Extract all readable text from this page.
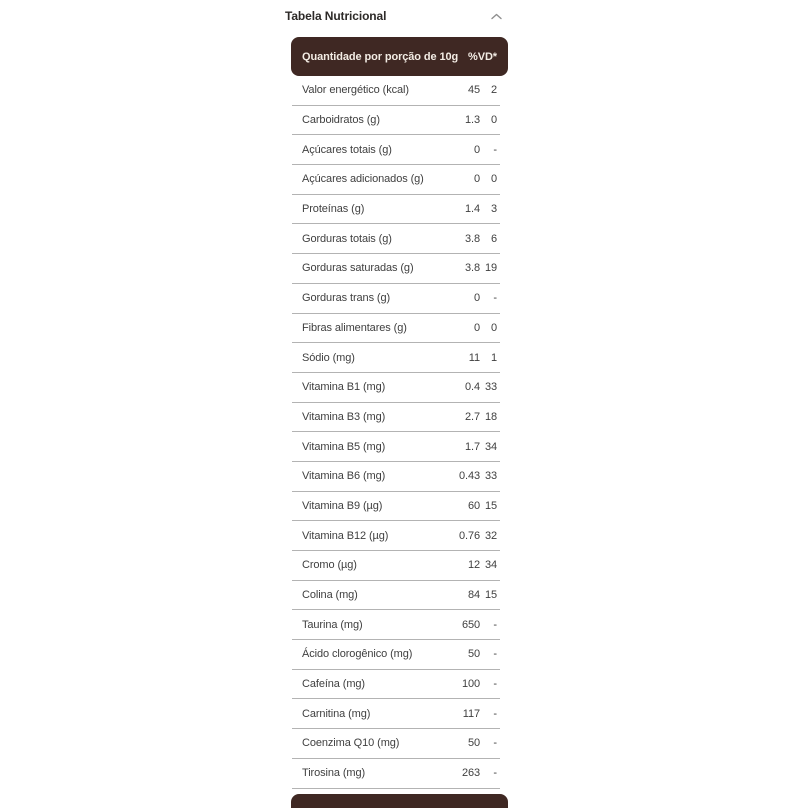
Tabela Nutricional
Quantidade por porção de 10g %VD*
Valor energético (kcal)	45 2
Carboidratos (g)	1.3 0
Açúcares totais (g)	0	-
Açúcares adicionados (g)	0 0
Proteínas (g)	1.4 3
Gorduras totais (g)	3.8 6
Gorduras saturadas (g)	3.8 19
Gorduras trans (g)	0	-
Fibras alimentares (g)	0 0
Sódio (mg)	11 1
Vitamina B1 (mg)	0.4 33
Vitamina B3 (mg)	2.7 18
Vitamina B5 (mg)	1.7 34
Vitamina B6 (mg)	0.43 33
Vitamina B9 (µg)	60 15
Vitamina B12 (µg)	0.76 32
Cromo (µg)	12 34
Colina (mg)	84 15
Taurina (mg)	650	-
Ácido clorogênico (mg)	50	-
Cafeína (mg)	100	-
Carnitina (mg)	117	-
Coenzima Q10 (mg)	50	-
Tirosina (mg)	263	-
